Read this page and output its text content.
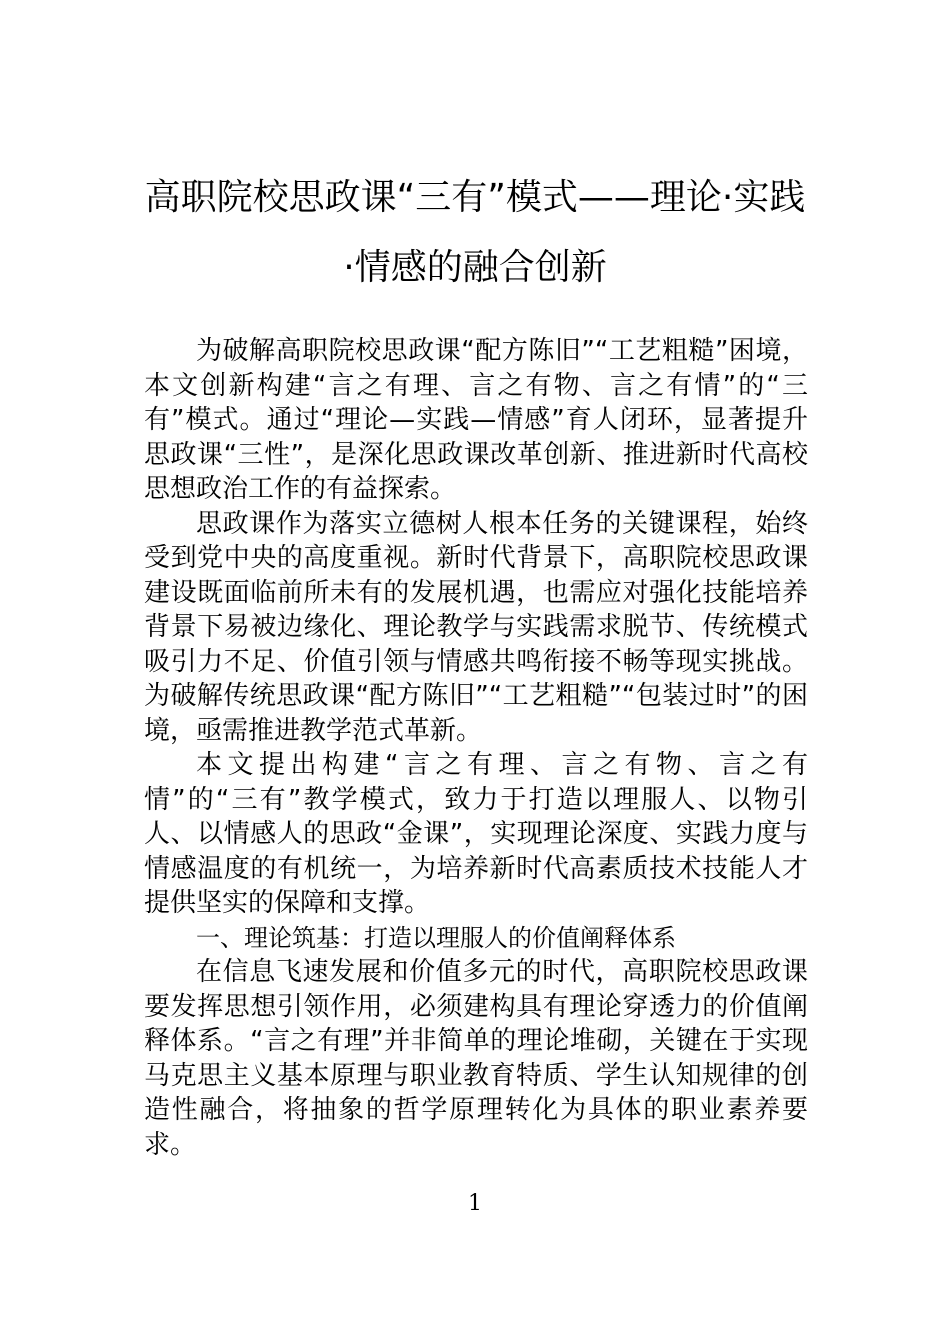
高职院校思政课“三有”模式——理论·实践·情感的融合创新

为破解高职院校思政课“配方陈旧”“工艺粗糙”困境，本文创新构建“言之有理、言之有物、言之有情”的“三有”模式。通过“理论—实践—情感”育人闭环，显著提升思政课“三性”，是深化思政课改革创新、推进新时代高校思想政治工作的有益探索。

思政课作为落实立德树人根本任务的关键课程，始终受到党中央的高度重视。新时代背景下，高职院校思政课建设既面临前所未有的发展机遇，也需应对强化技能培养背景下易被边缘化、理论教学与实践需求脱节、传统模式吸引力不足、价值引领与情感共鸣衔接不畅等现实挑战。为破解传统思政课“配方陈旧”“工艺粗糙”“包装过时”的困境，亟需推进教学范式革新。

本文提出构建“言之有理、言之有物、言之有情”的“三有”教学模式，致力于打造以理服人、以物引人、以情感人的思政“金课”，实现理论深度、实践力度与情感温度的有机统一，为培养新时代高素质技术技能人才提供坚实的保障和支撑。

一、理论筑基：打造以理服人的价值阐释体系

在信息飞速发展和价值多元的时代，高职院校思政课要发挥思想引领作用，必须建构具有理论穿透力的价值阐释体系。“言之有理”并非简单的理论堆砌，关键在于实现马克思主义基本原理与职业教育特质、学生认知规律的创造性融合，将抽象的哲学原理转化为具体的职业素养要求。

1
